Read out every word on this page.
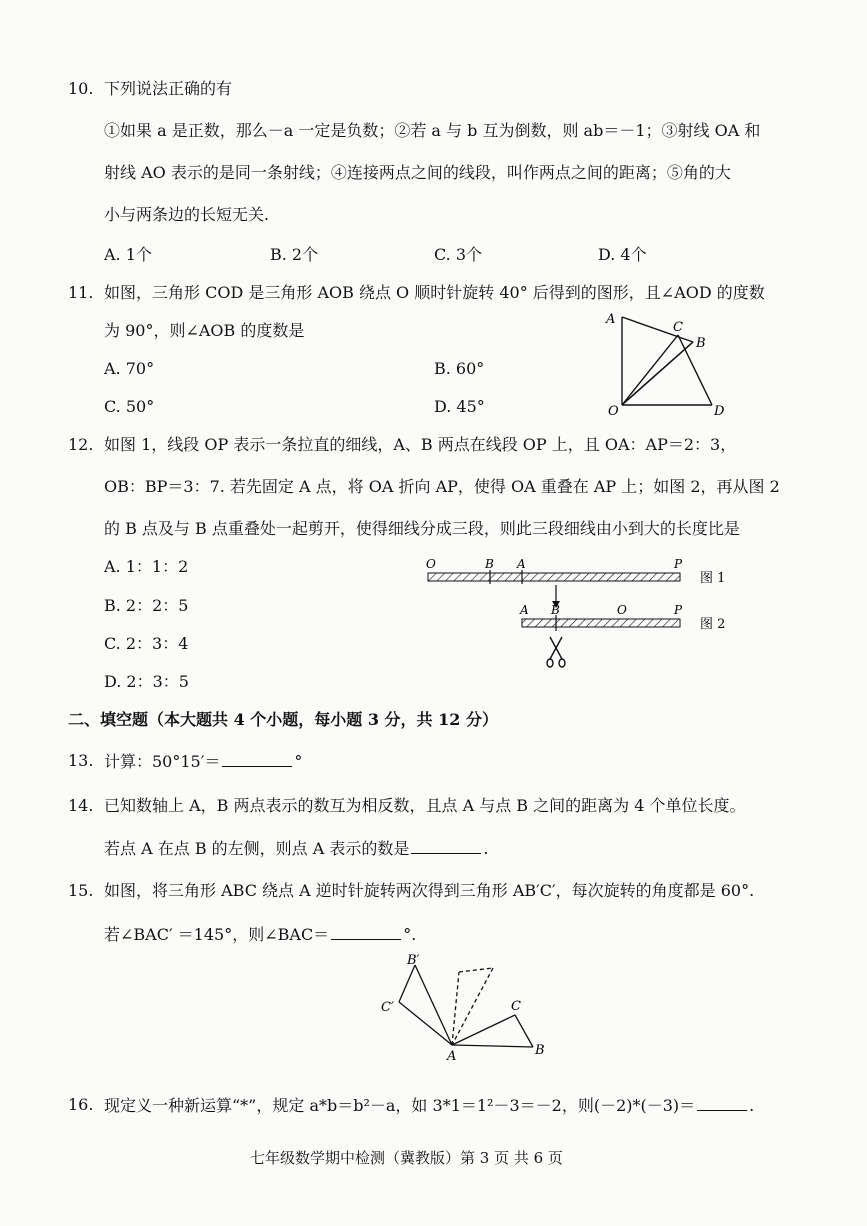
10. 下列说法正确的有
①如果 a 是正数，那么－a 一定是负数；②若 a 与 b 互为倒数，则 ab＝－1；③射线 OA 和
射线 AO 表示的是同一条射线；④连接两点之间的线段，叫作两点之间的距离；⑤角的大
小与两条边的长短无关.
A. 1个	B. 2个	C. 3个	D. 4个
11. 如图，三角形 COD 是三角形 AOB 绕点 O 顺时针旋转 40° 后得到的图形，且∠AOD 的度数
为 90°，则∠AOB 的度数是
A. 70°	B. 60°
C. 50°	D. 45°
A
C
B
O	D
12. 如图 1，线段 OP 表示一条拉直的细线，A、B 两点在线段 OP 上，且 OA：AP＝2：3，
OB：BP＝3：7. 若先固定 A 点，将 OA 折向 AP，使得 OA 重叠在 AP 上；如图 2，再从图 2
的 B 点及与 B 点重叠处一起剪开，使得细线分成三段，则此三段细线由小到大的长度比是
A. 1：1：2
B. 2：2：5
C. 2：3：4
D. 2：3：5
O	B A	P
图 1
A B	O	P
图 2
二、填空题（本大题共 4 个小题，每小题 3 分，共 12 分）
13. 计算：50°15′＝	°
14. 已知数轴上 A，B 两点表示的数互为相反数，且点 A 与点 B 之间的距离为 4 个单位长度。
若点 A 在点 B 的左侧，则点 A 表示的数是	.
15. 如图，将三角形 ABC 绕点 A 逆时针旋转两次得到三角形 AB′C′，每次旋转的角度都是 60°.
若∠BAC′ ＝145°，则∠BAC＝	°.
B′
C′
A
C
B
16. 现定义一种新运算“*”，规定 a*b＝b²－a，如 3*1＝1²－3＝－2，则(－2)*(－3)＝	.
七年级数学期中检测（冀教版）第 3 页 共 6 页
